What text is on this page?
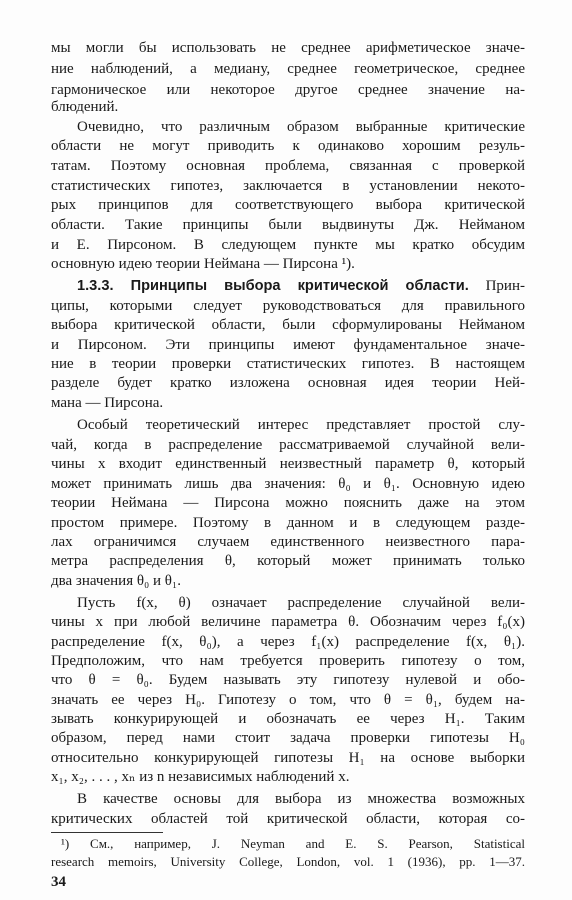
34
мы могли бы использовать не среднее арифметическое значе-
ние наблюдений, а медиану, среднее геометрическое, среднее
гармоническое или некоторое другое среднее значение на-
блюдений.
Очевидно, что различным образом выбранные критические
области не могут приводить к одинаково хорошим резуль-
татам. Поэтому основная проблема, связанная с проверкой
статистических гипотез, заключается в установлении некото-
рых принципов для соответствующего выбора критической
области. Такие принципы были выдвинуты Дж. Нейманом
и Е. Пирсоном. В следующем пункте мы кратко обсудим
основную идею теории Неймана — Пирсона ¹).
1.3.3. Принципы выбора критической области. Прин-
ципы, которыми следует руководствоваться для правильного
выбора критической области, были сформулированы Нейманом
и Пирсоном. Эти принципы имеют фундаментальное значе-
ние в теории проверки статистических гипотез. В настоящем
разделе будет кратко изложена основная идея теории Ней-
мана — Пирсона.
Особый теоретический интерес представляет простой слу-
чай, когда в распределение рассматриваемой случайной вели-
чины x входит единственный неизвестный параметр θ, который
может принимать лишь два значения: θ₀ и θ₁. Основную идею
теории Неймана — Пирсона можно пояснить даже на этом
простом примере. Поэтому в данном и в следующем разде-
лах ограничимся случаем единственного неизвестного пара-
метра распределения θ, который может принимать только
два значения θ₀ и θ₁.
Пусть f(x, θ) означает распределение случайной вели-
чины x при любой величине параметра θ. Обозначим через f₀(x)
распределение f(x, θ₀), а через f₁(x) распределение f(x, θ₁).
Предположим, что нам требуется проверить гипотезу о том,
что θ = θ₀. Будем называть эту гипотезу нулевой и обо-
значать ее через H₀. Гипотезу о том, что θ = θ₁, будем на-
зывать конкурирующей и обозначать ее через H₁. Таким
образом, перед нами стоит задача проверки гипотезы H₀
относительно конкурирующей гипотезы H₁ на основе выборки
x₁, x₂, . . . , xₙ из n независимых наблюдений x.
В качестве основы для выбора из множества возможных
критических областей той критической области, которая со-
¹) См., например, J. Neyman and E. S. Pearson, Statistical
research memoirs, University College, London, vol. 1 (1936), pp. 1—37.
